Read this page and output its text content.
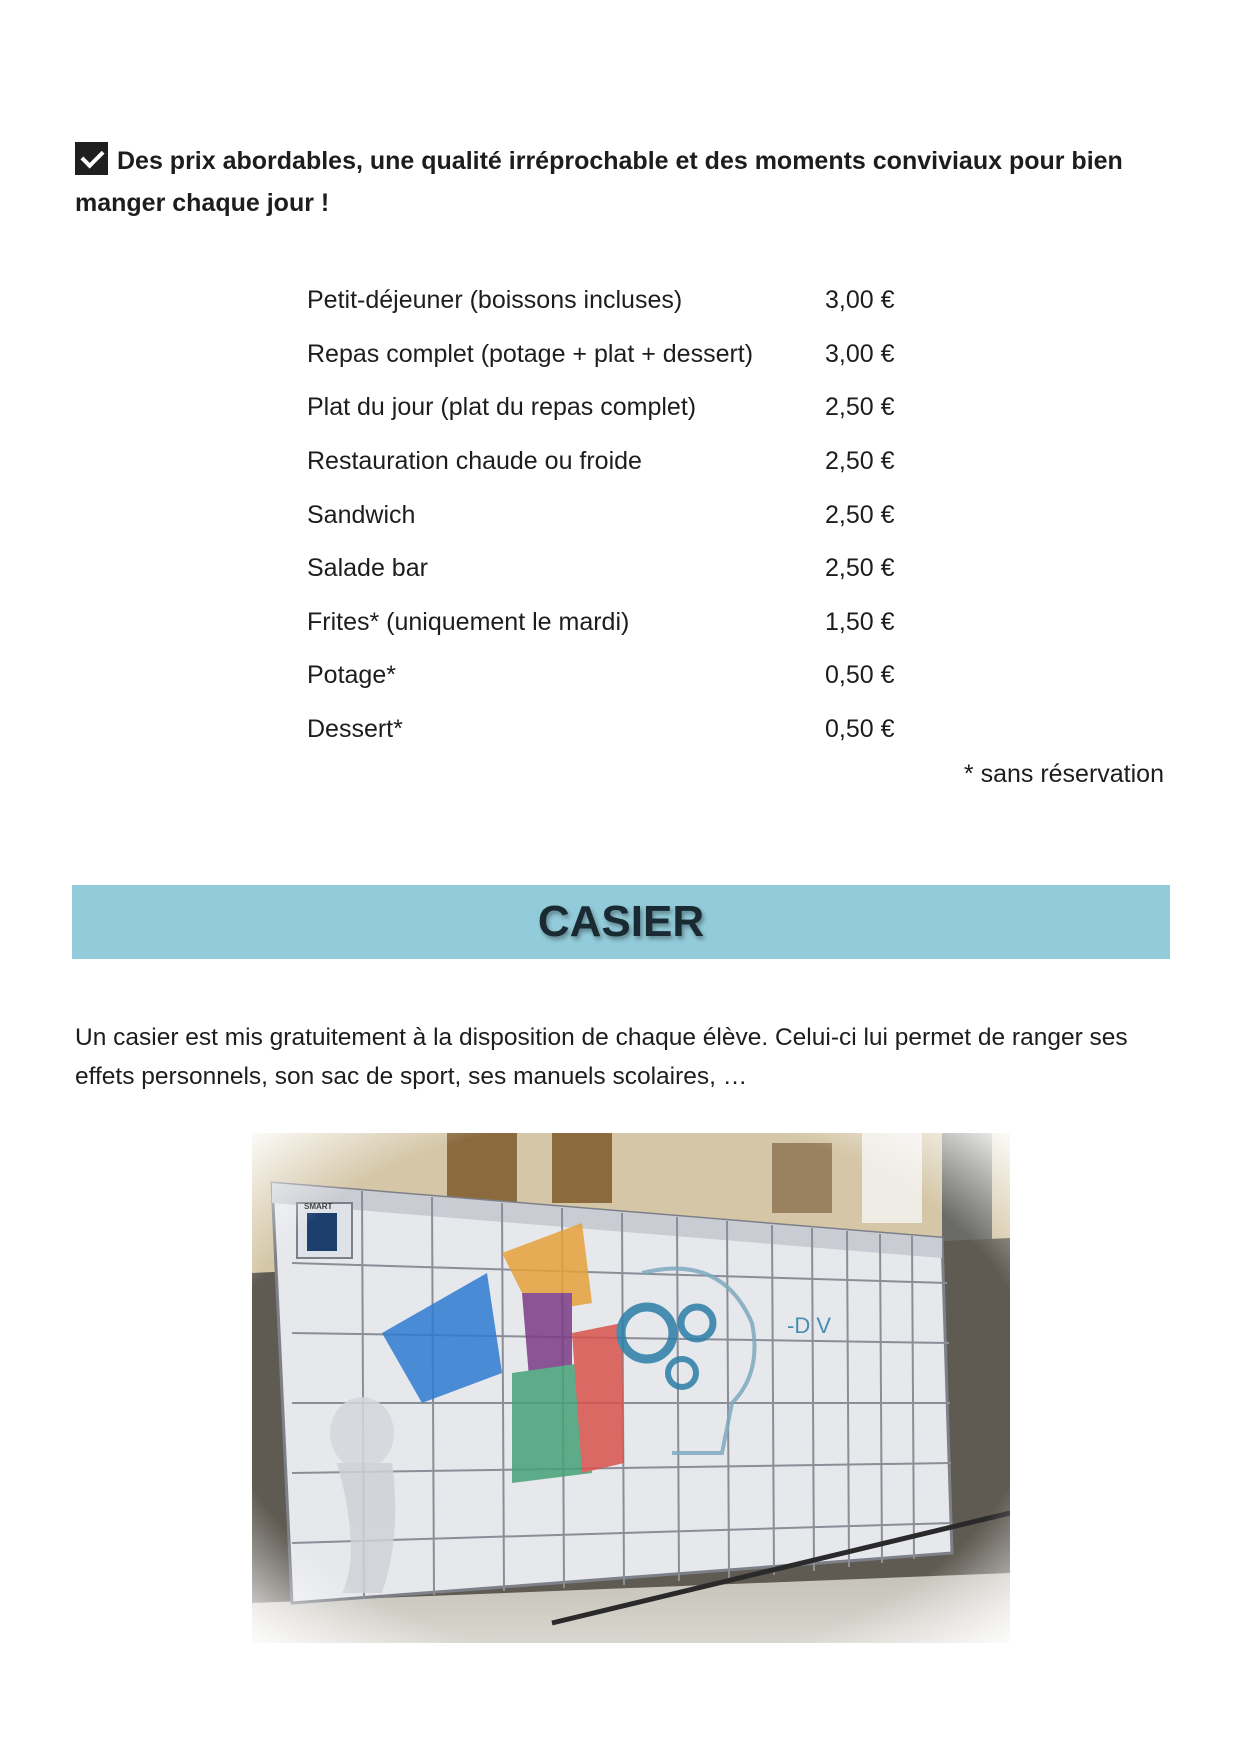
Des prix abordables, une qualité irréprochable et des moments conviviaux pour bien manger chaque jour !
Petit-déjeuner (boissons incluses)	3,00 €
Repas complet (potage + plat + dessert)	3,00 €
Plat du jour (plat du repas complet)	2,50 €
Restauration chaude ou froide	2,50 €
Sandwich	2,50 €
Salade bar	2,50 €
Frites* (uniquement le mardi)	1,50 €
Potage*	0,50 €
Dessert*	0,50 €
* sans réservation
CASIER
Un casier est mis gratuitement à la disposition de chaque élève. Celui-ci lui permet de ranger ses effets personnels, son sac de sport, ses manuels scolaires, …
